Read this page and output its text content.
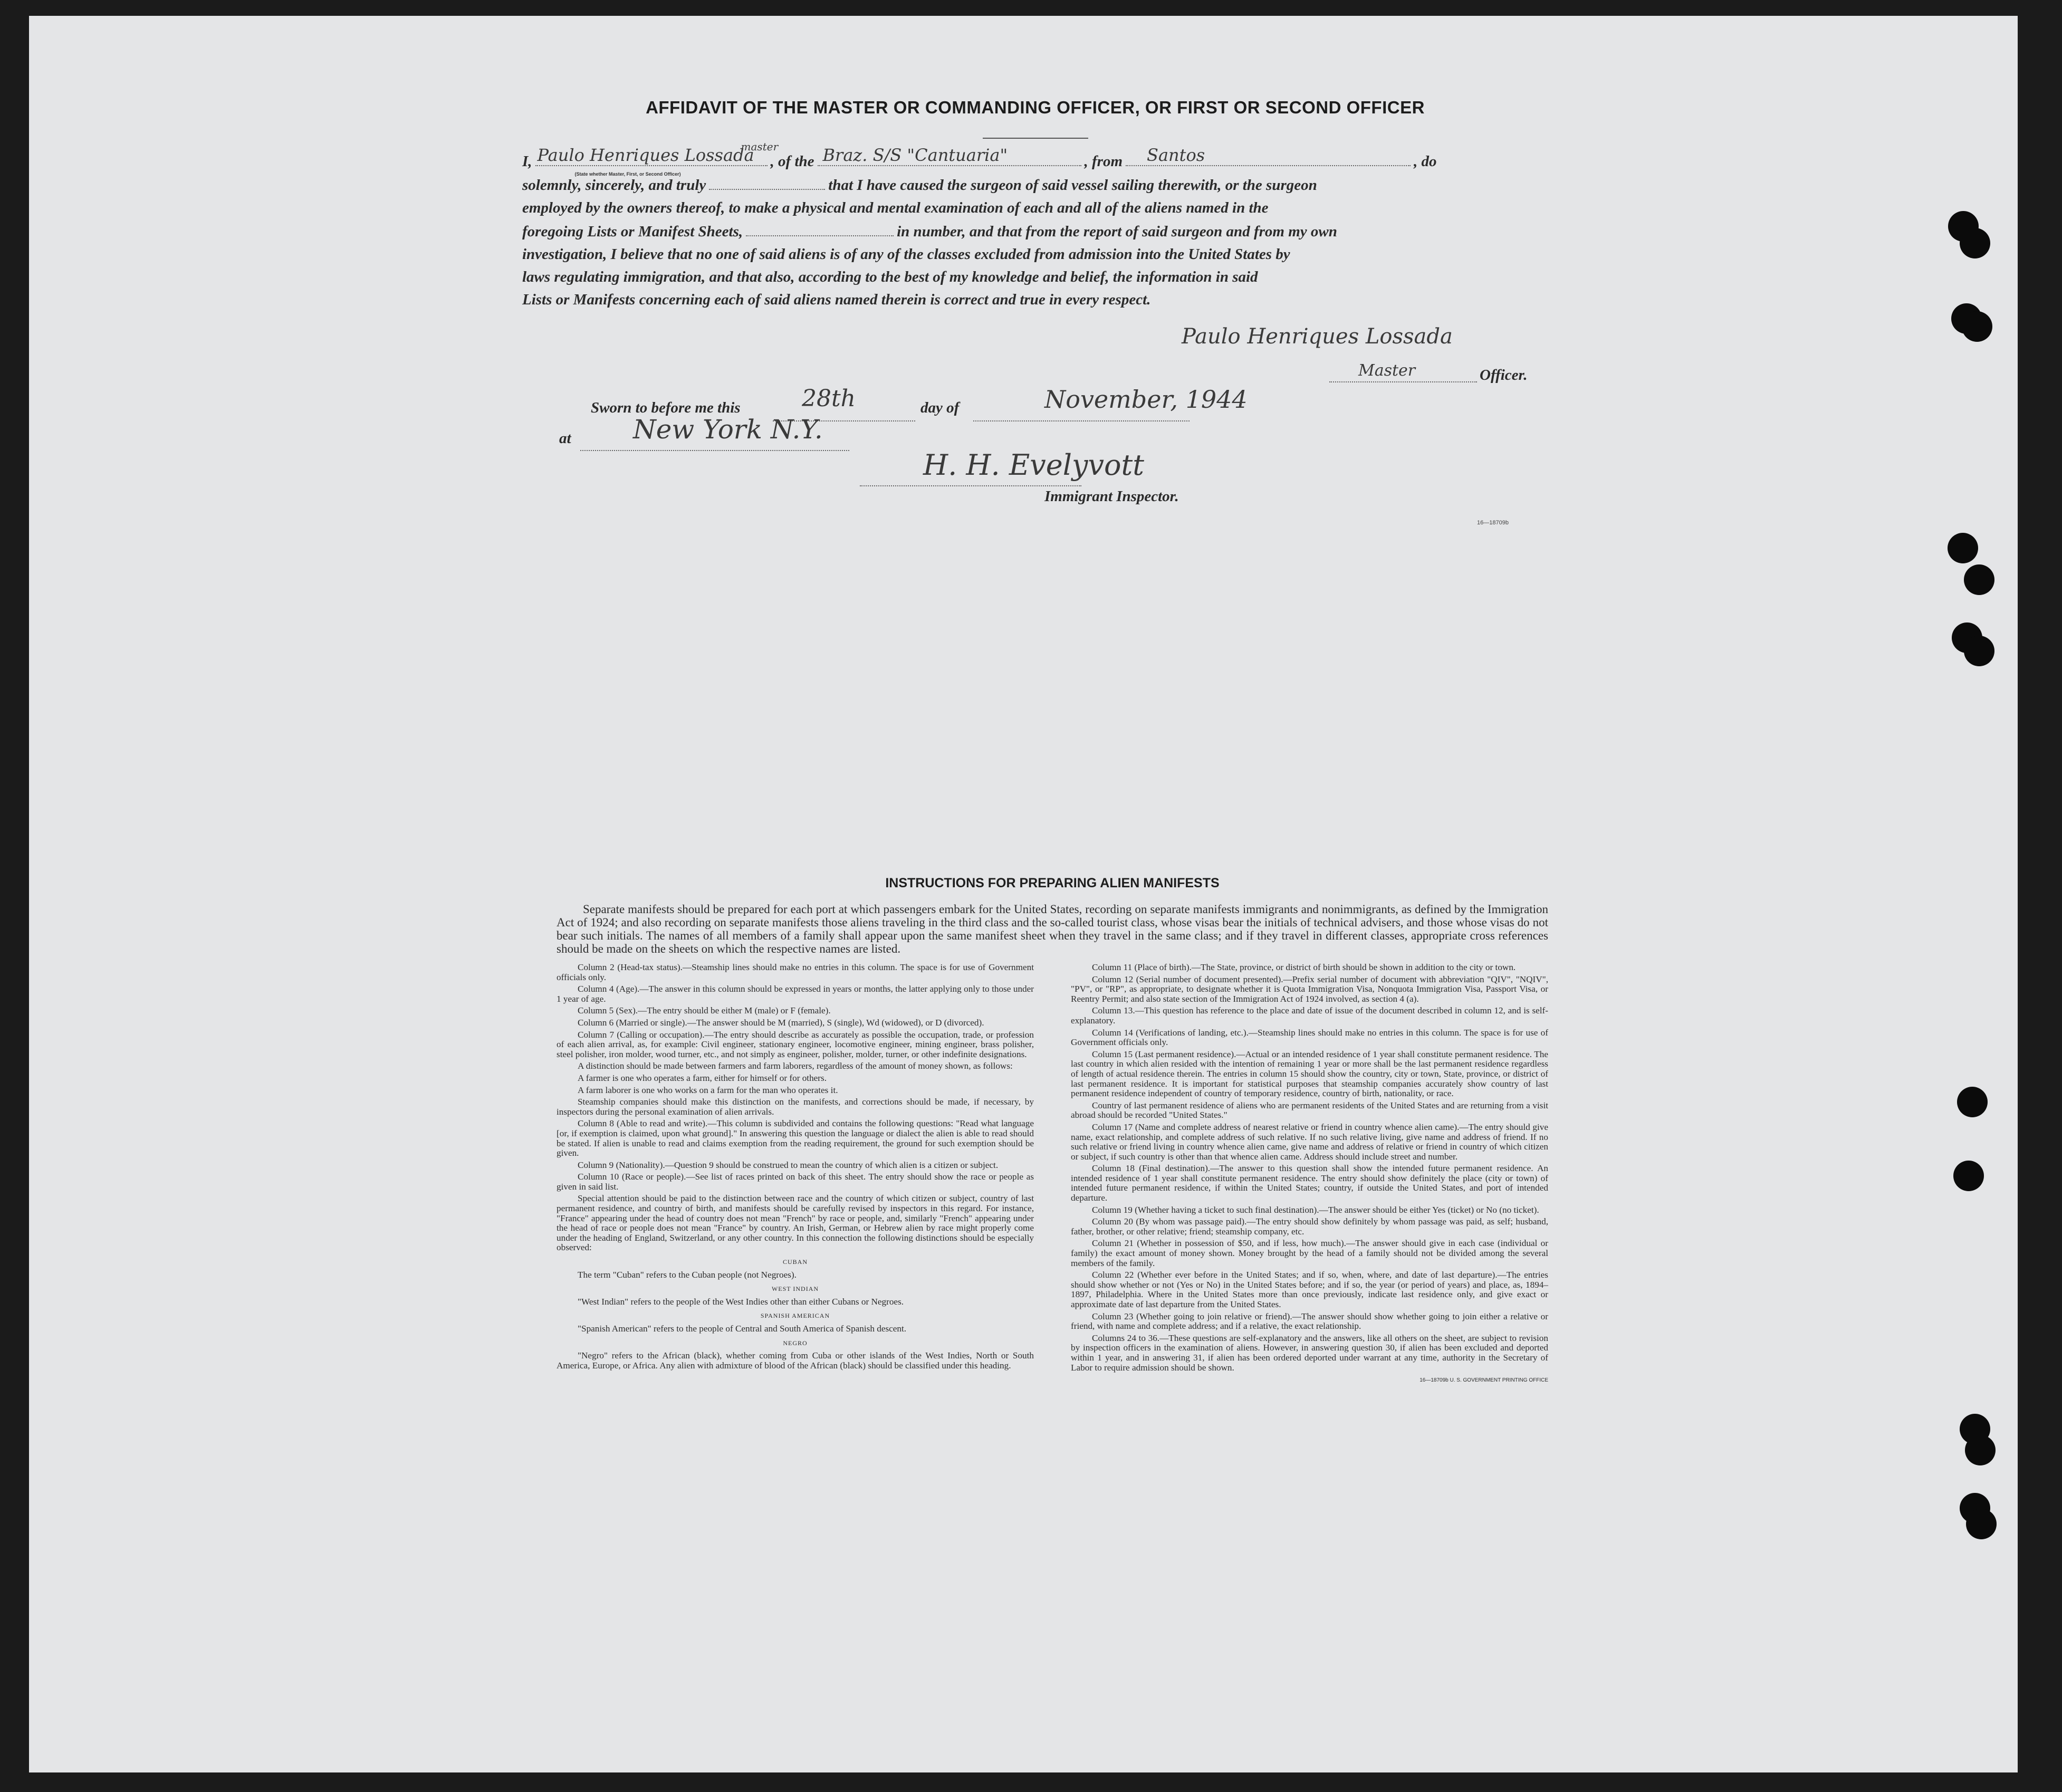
AFFIDAVIT OF THE MASTER OR COMMANDING OFFICER, OR FIRST OR SECOND OFFICER
I, Paulo Henriques Lossada
master
(State whether Master, First, or Second Officer)
, of the Braz. S/S "Cantuaria"	, from Santos	, do
solemnly, sincerely, and truly	that I have caused the surgeon of said vessel sailing therewith, or the surgeon
employed by the owners thereof, to make a physical and mental examination of each and all of the aliens named in the
foregoing Lists or Manifest Sheets,	in number, and that from the report of said surgeon and from my own
investigation, I believe that no one of said aliens is of any of the classes excluded from admission into the United States by
laws regulating immigration, and that also, according to the best of my knowledge and belief, the information in said
Lists or Manifests concerning each of said aliens named therein is correct and true in every respect.
Paulo Henriques Lossada
Master	Officer.
Sworn to before me this	28th	day of	November, 1944
at New York N.Y.
H. H. Evelyvott
Immigrant Inspector.
16—18709b
INSTRUCTIONS FOR PREPARING ALIEN MANIFESTS

Separate manifests should be prepared for each port at which passengers embark for the United States, recording on separate manifests immigrants and nonimmigrants, as defined by the Immigration Act of 1924; and also recording on separate manifests those aliens traveling in the third class and the so-called tourist class, whose visas bear the initials of technical advisers, and those whose visas do not bear such initials. The names of all members of a family shall appear upon the same manifest sheet when they travel in the same class; and if they travel in different classes, appropriate cross references should be made on the sheets on which the respective names are listed.

Column 2 (Head-tax status).—Steamship lines should make no entries in this column. The space is for use of Government officials only.

Column 4 (Age).—The answer in this column should be expressed in years or months, the latter applying only to those under 1 year of age.

Column 5 (Sex).—The entry should be either M (male) or F (female).

Column 6 (Married or single).—The answer should be M (married), S (single), Wd (widowed), or D (divorced).

Column 7 (Calling or occupation).—The entry should describe as accurately as possible the occupation, trade, or profession of each alien arrival, as, for example: Civil engineer, stationary engineer, locomotive engineer, mining engineer, brass polisher, steel polisher, iron molder, wood turner, etc., and not simply as engineer, polisher, molder, turner, or other indefinite designations.

A distinction should be made between farmers and farm laborers, regardless of the amount of money shown, as follows:

A farmer is one who operates a farm, either for himself or for others.

A farm laborer is one who works on a farm for the man who operates it.

Steamship companies should make this distinction on the manifests, and corrections should be made, if necessary, by inspectors during the personal examination of alien arrivals.

Column 8 (Able to read and write).—This column is subdivided and contains the following questions: "Read what language [or, if exemption is claimed, upon what ground]." In answering this question the language or dialect the alien is able to read should be stated. If alien is unable to read and claims exemption from the reading requirement, the ground for such exemption should be given.

Column 9 (Nationality).—Question 9 should be construed to mean the country of which alien is a citizen or subject.

Column 10 (Race or people).—See list of races printed on back of this sheet. The entry should show the race or people as given in said list.

Special attention should be paid to the distinction between race and the country of which citizen or subject, country of last permanent residence, and country of birth, and manifests should be carefully revised by inspectors in this regard. For instance, "France" appearing under the head of country does not mean "French" by race or people, and, similarly "French" appearing under the head of race or people does not mean "France" by country. An Irish, German, or Hebrew alien by race might properly come under the heading of England, Switzerland, or any other country. In this connection the following distinctions should be especially observed:

CUBAN

The term "Cuban" refers to the Cuban people (not Negroes).

WEST INDIAN

"West Indian" refers to the people of the West Indies other than either Cubans or Negroes.

SPANISH AMERICAN

"Spanish American" refers to the people of Central and South America of Spanish descent.

NEGRO

"Negro" refers to the African (black), whether coming from Cuba or other islands of the West Indies, North or South America, Europe, or Africa. Any alien with admixture of blood of the African (black) should be classified under this heading.

Column 11 (Place of birth).—The State, province, or district of birth should be shown in addition to the city or town.

Column 12 (Serial number of document presented).—Prefix serial number of document with abbreviation "QIV", "NQIV", "PV", or "RP", as appropriate, to designate whether it is Quota Immigration Visa, Nonquota Immigration Visa, Passport Visa, or Reentry Permit; and also state section of the Immigration Act of 1924 involved, as section 4 (a).

Column 13.—This question has reference to the place and date of issue of the document described in column 12, and is self-explanatory.

Column 14 (Verifications of landing, etc.).—Steamship lines should make no entries in this column. The space is for use of Government officials only.

Column 15 (Last permanent residence).—Actual or an intended residence of 1 year shall constitute permanent residence. The last country in which alien resided with the intention of remaining 1 year or more shall be the last permanent residence regardless of length of actual residence therein. The entries in column 15 should show the country, city or town, State, province, or district of last permanent residence. It is important for statistical purposes that steamship companies accurately show country of last permanent residence independent of country of temporary residence, country of birth, nationality, or race.

Country of last permanent residence of aliens who are permanent residents of the United States and are returning from a visit abroad should be recorded "United States."

Column 17 (Name and complete address of nearest relative or friend in country whence alien came).—The entry should give name, exact relationship, and complete address of such relative. If no such relative living, give name and address of friend. If no such relative or friend living in country whence alien came, give name and address of relative or friend in country of which citizen or subject, if such country is other than that whence alien came. Address should include street and number.

Column 18 (Final destination).—The answer to this question shall show the intended future permanent residence. An intended residence of 1 year shall constitute permanent residence. The entry should show definitely the place (city or town) of intended future permanent residence, if within the United States; country, if outside the United States, and port of intended departure.

Column 19 (Whether having a ticket to such final destination).—The answer should be either Yes (ticket) or No (no ticket).

Column 20 (By whom was passage paid).—The entry should show definitely by whom passage was paid, as self; husband, father, brother, or other relative; friend; steamship company, etc.

Column 21 (Whether in possession of $50, and if less, how much).—The answer should give in each case (individual or family) the exact amount of money shown. Money brought by the head of a family should not be divided among the several members of the family.

Column 22 (Whether ever before in the United States; and if so, when, where, and date of last departure).—The entries should show whether or not (Yes or No) in the United States before; and if so, the year (or period of years) and place, as, 1894–1897, Philadelphia. Where in the United States more than once previously, indicate last residence only, and give exact or approximate date of last departure from the United States.

Column 23 (Whether going to join relative or friend).—The answer should show whether going to join either a relative or friend, with name and complete address; and if a relative, the exact relationship.

Columns 24 to 36.—These questions are self-explanatory and the answers, like all others on the sheet, are subject to revision by inspection officers in the examination of aliens. However, in answering question 30, if alien has been excluded and deported within 1 year, and in answering 31, if alien has been ordered deported under warrant at any time, authority in the Secretary of Labor to require admission should be shown.

16—18709b U. S. GOVERNMENT PRINTING OFFICE
